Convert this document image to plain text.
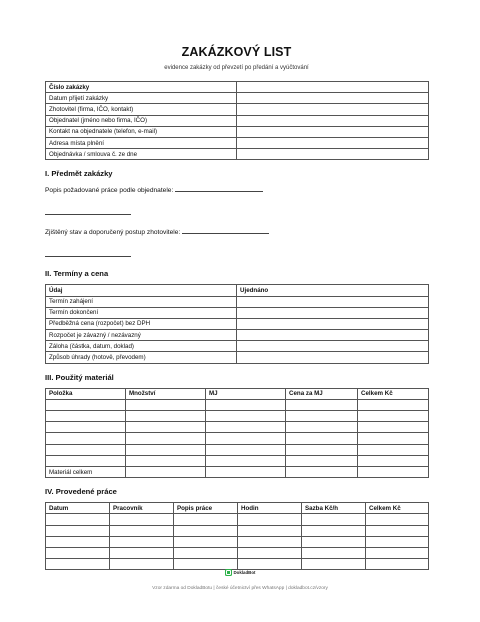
ZAKÁZKOVÝ LIST
evidence zakázky od převzetí po předání a vyúčtování
Číslo zakázky	
Datum přijetí zakázky	
Zhotovitel (firma, IČO, kontakt)	
Objednatel (jméno nebo firma, IČO)	
Kontakt na objednatele (telefon, e-mail)	
Adresa místa plnění	
Objednávka / smlouva č. ze dne	
I. Předmět zakázky

Popis požadované práce podle objednatele:

Zjištěný stav a doporučený postup zhotovitele:

II. Termíny a cena
Údaj	Ujednáno
Termín zahájení	
Termín dokončení	
Předběžná cena (rozpočet) bez DPH	
Rozpočet je závazný / nezávazný	
Záloha (částka, datum, doklad)	
Způsob úhrady (hotově, převodem)	
III. Použitý materiál
Položka	Množství	MJ	Cena za MJ	Celkem Kč

Materiál celkem				
IV. Provedené práce
Datum	Pracovník	Popis práce	Hodin	Sazba Kč/h	Celkem Kč

DokladBot
Vzor zdarma od DokladBotu | české účetnictví přes WhatsApp | dokladbot.cz/vzory
